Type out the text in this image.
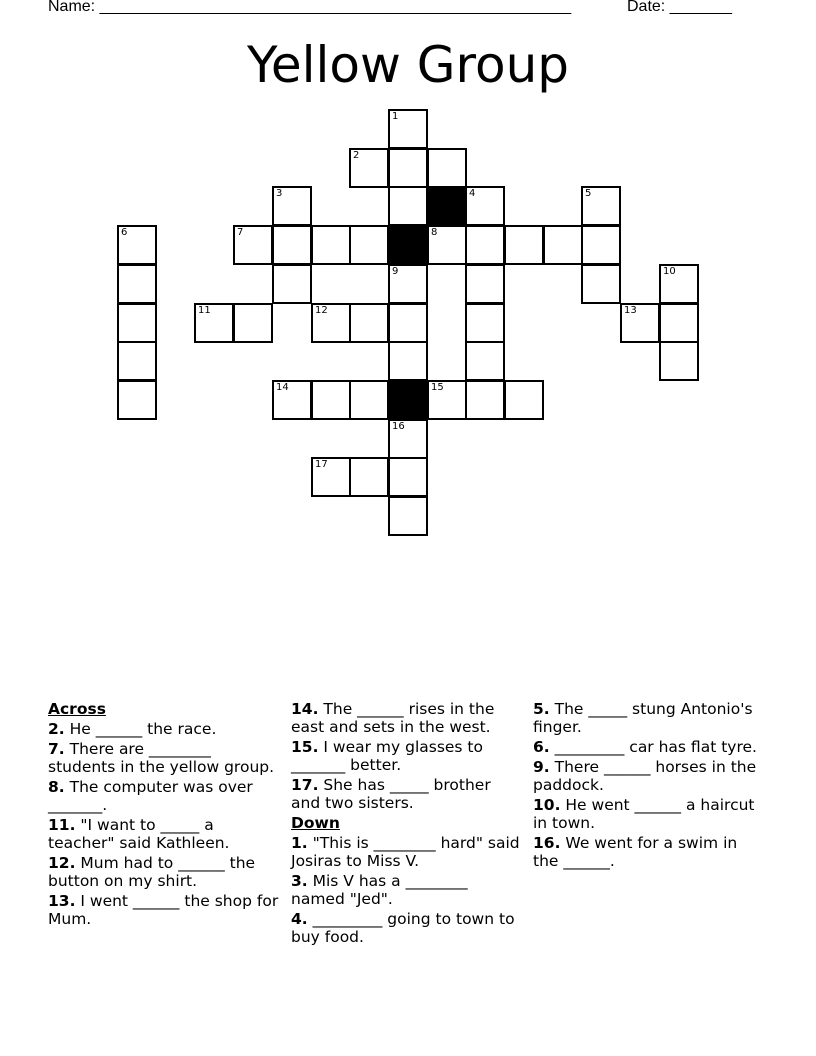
Name: _____________________________________________________	Date: _______
Yellow Group
1
2
3	4	5
6	7	8
9	10
11	12	13
14	15
16
17
Across
2. He ______ the race.
7. There are ________ students in the yellow group.
8. The computer was over _______.
11. "I want to _____ a teacher" said Kathleen.
12. Mum had to ______ the button on my shirt.
13. I went ______ the shop for Mum.
14. The ______ rises in the east and sets in the west.
15. I wear my glasses to _______ better.
17. She has _____ brother and two sisters.
Down
1. "This is ________ hard" said Josiras to Miss V.
3. Mis V has a ________ named "Jed".
4. _________ going to town to buy food.
5. The _____ stung Antonio's finger.
6. _________ car has flat tyre.
9. There ______ horses in the paddock.
10. He went ______ a haircut in town.
16. We went for a swim in the ______.
